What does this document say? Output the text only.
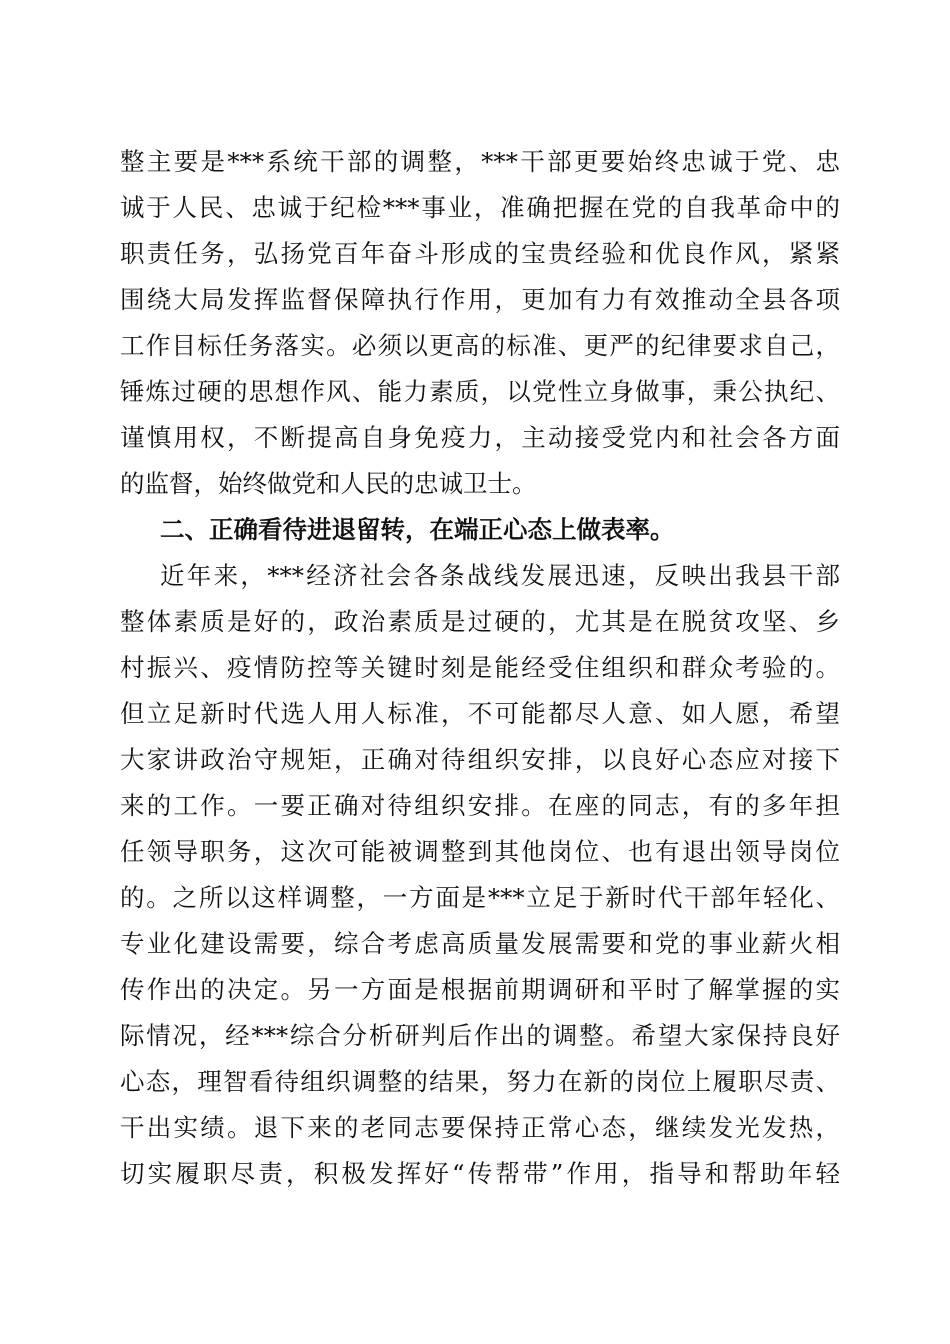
整主要是***系统干部的调整，***干部更要始终忠诚于党、忠
诚于人民、忠诚于纪检***事业，准确把握在党的自我革命中的
职责任务，弘扬党百年奋斗形成的宝贵经验和优良作风，紧紧
围绕大局发挥监督保障执行作用，更加有力有效推动全县各项
工作目标任务落实。必须以更高的标准、更严的纪律要求自己，
锤炼过硬的思想作风、能力素质，以党性立身做事，秉公执纪、
谨慎用权，不断提高自身免疫力，主动接受党内和社会各方面
的监督，始终做党和人民的忠诚卫士。
二、正确看待进退留转，在端正心态上做表率。
近年来，***经济社会各条战线发展迅速，反映出我县干部
整体素质是好的，政治素质是过硬的，尤其是在脱贫攻坚、乡
村振兴、疫情防控等关键时刻是能经受住组织和群众考验的。
但立足新时代选人用人标准，不可能都尽人意、如人愿，希望
大家讲政治守规矩，正确对待组织安排，以良好心态应对接下
来的工作。一要正确对待组织安排。在座的同志，有的多年担
任领导职务，这次可能被调整到其他岗位、也有退出领导岗位
的。之所以这样调整，一方面是***立足于新时代干部年轻化、
专业化建设需要，综合考虑高质量发展需要和党的事业薪火相
传作出的决定。另一方面是根据前期调研和平时了解掌握的实
际情况，经***综合分析研判后作出的调整。希望大家保持良好
心态，理智看待组织调整的结果，努力在新的岗位上履职尽责、
干出实绩。退下来的老同志要保持正常心态，继续发光发热，
切实履职尽责，积极发挥好“传帮带”作用，指导和帮助年轻
